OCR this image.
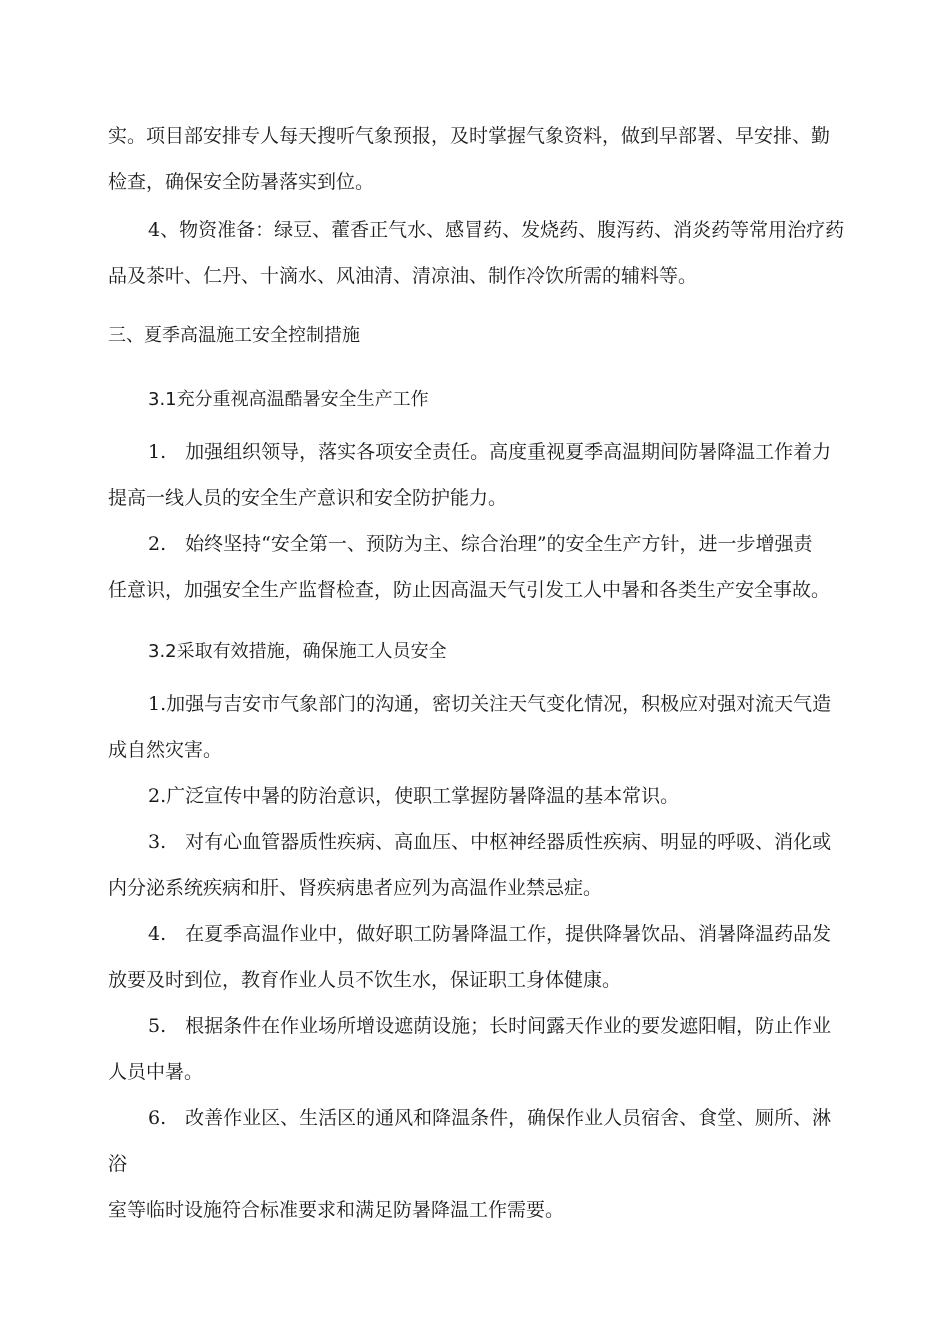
实。项目部安排专人每天搜听气象预报，及时掌握气象资料，做到早部署、早安排、勤
检查，确保安全防暑落实到位。
4、物资准备：绿豆、藿香正气水、感冒药、发烧药、腹泻药、消炎药等常用治疗药
品及茶叶、仁丹、十滴水、风油清、清凉油、制作冷饮所需的辅料等。
三、夏季高温施工安全控制措施
3.1充分重视高温酷暑安全生产工作
1.　加强组织领导，落实各项安全责任。高度重视夏季高温期间防暑降温工作着力
提高一线人员的安全生产意识和安全防护能力。
2.　始终坚持“安全第一、预防为主、综合治理”的安全生产方针，进一步增强责
任意识，加强安全生产监督检查，防止因高温天气引发工人中暑和各类生产安全事故。
3.2采取有效措施，确保施工人员安全
1.加强与吉安市气象部门的沟通，密切关注天气变化情况，积极应对强对流天气造
成自然灾害。
2.广泛宣传中暑的防治意识，使职工掌握防暑降温的基本常识。
3.　对有心血管器质性疾病、高血压、中枢神经器质性疾病、明显的呼吸、消化或
内分泌系统疾病和肝、肾疾病患者应列为高温作业禁忌症。
4.　在夏季高温作业中，做好职工防暑降温工作，提供降暑饮品、消暑降温药品发
放要及时到位，教育作业人员不饮生水，保证职工身体健康。
5.　根据条件在作业场所增设遮荫设施；长时间露天作业的要发遮阳帽，防止作业
人员中暑。
6.　改善作业区、生活区的通风和降温条件，确保作业人员宿舍、食堂、厕所、淋
浴
室等临时设施符合标准要求和满足防暑降温工作需要。
